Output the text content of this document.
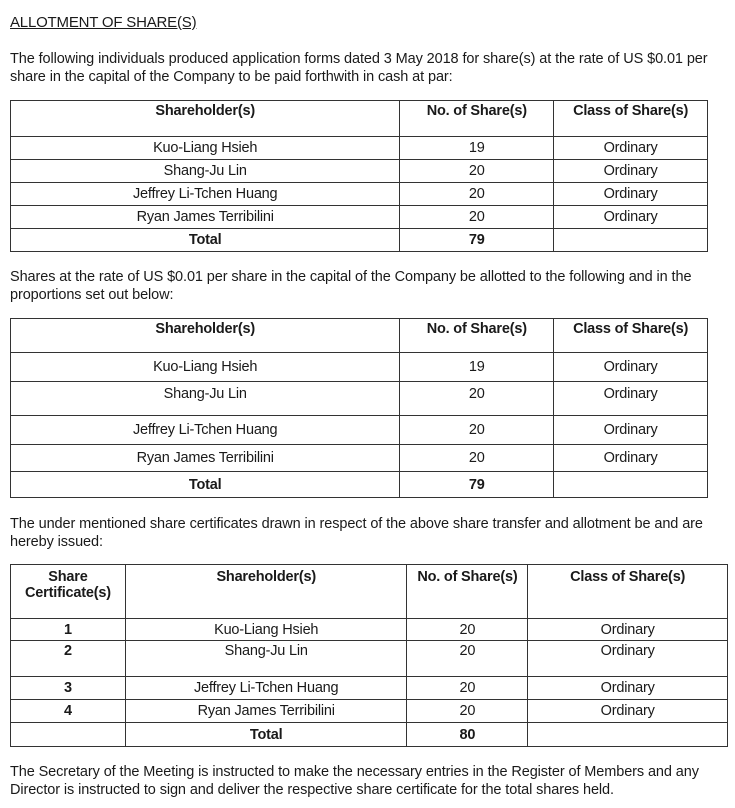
ALLOTMENT OF SHARE(S)
The following individuals produced application forms dated 3 May 2018 for share(s) at the rate of US $0.01 per share in the capital of the Company to be paid forthwith in cash at par:
Shareholder(s)	No. of Share(s)	Class of Share(s)
Kuo-Liang Hsieh	19	Ordinary
Shang-Ju Lin	20	Ordinary
Jeffrey Li-Tchen Huang	20	Ordinary
Ryan James Terribilini	20	Ordinary
Total	79	
Shares at the rate of US $0.01 per share in the capital of the Company be allotted to the following and in the proportions set out below:
Shareholder(s)	No. of Share(s)	Class of Share(s)
Kuo-Liang Hsieh	19	Ordinary
Shang-Ju Lin	20	Ordinary
Jeffrey Li-Tchen Huang	20	Ordinary
Ryan James Terribilini	20	Ordinary
Total	79	
The under mentioned share certificates drawn in respect of the above share transfer and allotment be and are hereby issued:
Share
Certificate(s)	Shareholder(s)	No. of Share(s)	Class of Share(s)
1	Kuo-Liang Hsieh	20	Ordinary
2	Shang-Ju Lin	20	Ordinary
3	Jeffrey Li-Tchen Huang	20	Ordinary
4	Ryan James Terribilini	20	Ordinary
	Total	80	
The Secretary of the Meeting is instructed to make the necessary entries in the Register of Members and any Director is instructed to sign and deliver the respective share certificate for the total shares held.
